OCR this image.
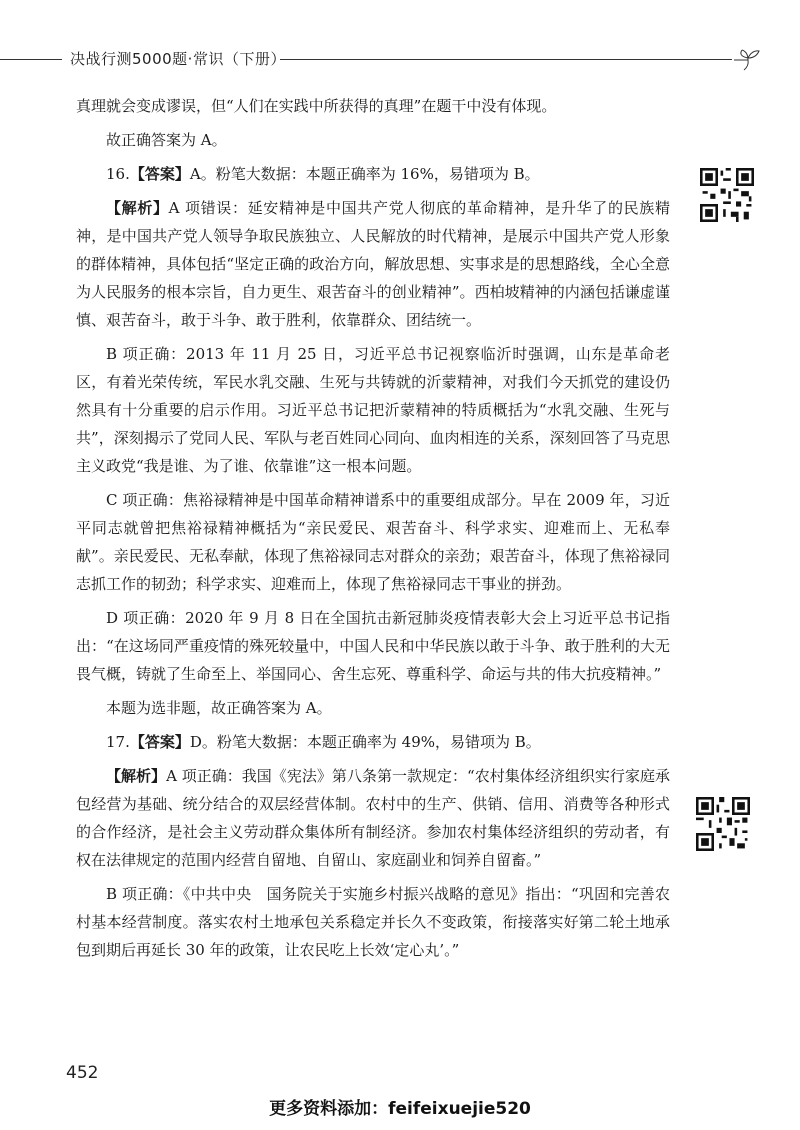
决战行测5000题·常识（下册）

真理就会变成谬误，但“人们在实践中所获得的真理”在题干中没有体现。

故正确答案为 A。

16.【答案】A。粉笔大数据：本题正确率为 16%，易错项为 B。

【解析】A 项错误：延安精神是中国共产党人彻底的革命精神，是升华了的民族精神，是中国共产党人领导争取民族独立、人民解放的时代精神，是展示中国共产党人形象的群体精神，具体包括“坚定正确的政治方向，解放思想、实事求是的思想路线，全心全意为人民服务的根本宗旨，自力更生、艰苦奋斗的创业精神”。西柏坡精神的内涵包括谦虚谨慎、艰苦奋斗，敢于斗争、敢于胜利，依靠群众、团结统一。

B 项正确：2013 年 11 月 25 日，习近平总书记视察临沂时强调，山东是革命老区，有着光荣传统，军民水乳交融、生死与共铸就的沂蒙精神，对我们今天抓党的建设仍然具有十分重要的启示作用。习近平总书记把沂蒙精神的特质概括为“水乳交融、生死与共”，深刻揭示了党同人民、军队与老百姓同心同向、血肉相连的关系，深刻回答了马克思主义政党“我是谁、为了谁、依靠谁”这一根本问题。

C 项正确：焦裕禄精神是中国革命精神谱系中的重要组成部分。早在 2009 年，习近平同志就曾把焦裕禄精神概括为“亲民爱民、艰苦奋斗、科学求实、迎难而上、无私奉献”。亲民爱民、无私奉献，体现了焦裕禄同志对群众的亲劲；艰苦奋斗，体现了焦裕禄同志抓工作的韧劲；科学求实、迎难而上，体现了焦裕禄同志干事业的拼劲。

D 项正确：2020 年 9 月 8 日在全国抗击新冠肺炎疫情表彰大会上习近平总书记指出：“在这场同严重疫情的殊死较量中，中国人民和中华民族以敢于斗争、敢于胜利的大无畏气概，铸就了生命至上、举国同心、舍生忘死、尊重科学、命运与共的伟大抗疫精神。”

本题为选非题，故正确答案为 A。

17.【答案】D。粉笔大数据：本题正确率为 49%，易错项为 B。

【解析】A 项正确：我国《宪法》第八条第一款规定：“农村集体经济组织实行家庭承包经营为基础、统分结合的双层经营体制。农村中的生产、供销、信用、消费等各种形式的合作经济，是社会主义劳动群众集体所有制经济。参加农村集体经济组织的劳动者，有权在法律规定的范围内经营自留地、自留山、家庭副业和饲养自留畜。”

B 项正确：《中共中央　国务院关于实施乡村振兴战略的意见》指出：“巩固和完善农村基本经营制度。落实农村土地承包关系稳定并长久不变政策，衔接落实好第二轮土地承包到期后再延长 30 年的政策，让农民吃上长效‘定心丸’。”

452
更多资料添加：feifeixuejie520
